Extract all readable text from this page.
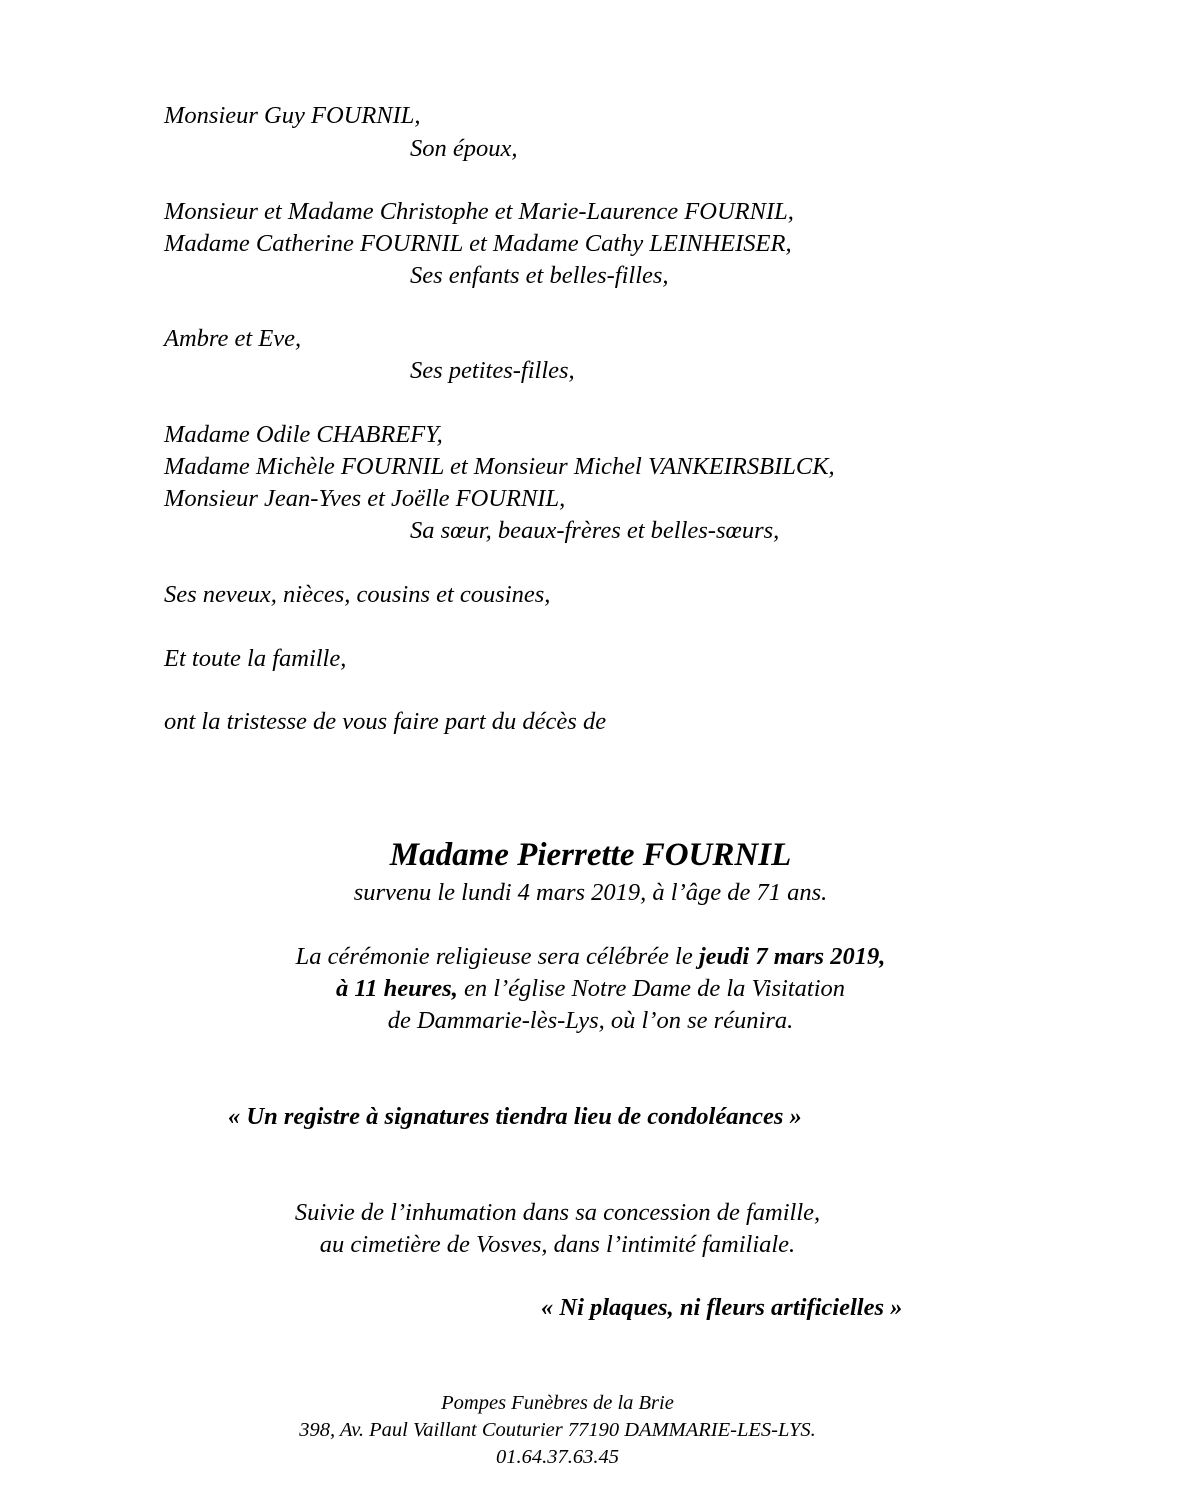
Monsieur Guy FOURNIL,
Son époux,
Monsieur et Madame Christophe et Marie-Laurence FOURNIL,
Madame Catherine FOURNIL et Madame Cathy LEINHEISER,
Ses enfants et belles-filles,
Ambre et Eve,
Ses petites-filles,
Madame Odile CHABREFY,
Madame Michèle FOURNIL et Monsieur Michel VANKEIRSBILCK,
Monsieur Jean-Yves et Joëlle FOURNIL,
Sa sœur, beaux-frères et belles-sœurs,
Ses neveux, nièces, cousins et cousines,
Et toute la famille,
ont la tristesse de vous faire part du décès de
Madame Pierrette FOURNIL
survenu le lundi 4 mars 2019, à l’âge de 71 ans.
La cérémonie religieuse sera célébrée le jeudi 7 mars 2019,
à 11 heures, en l’église Notre Dame de la Visitation
de Dammarie-lès-Lys, où l’on se réunira.
« Un registre à signatures tiendra lieu de condoléances »
Suivie de l’inhumation dans sa concession de famille,
au cimetière de Vosves, dans l’intimité familiale.
« Ni plaques, ni fleurs artificielles »
Pompes Funèbres de la Brie
398, Av. Paul Vaillant Couturier 77190 DAMMARIE-LES-LYS.
01.64.37.63.45
